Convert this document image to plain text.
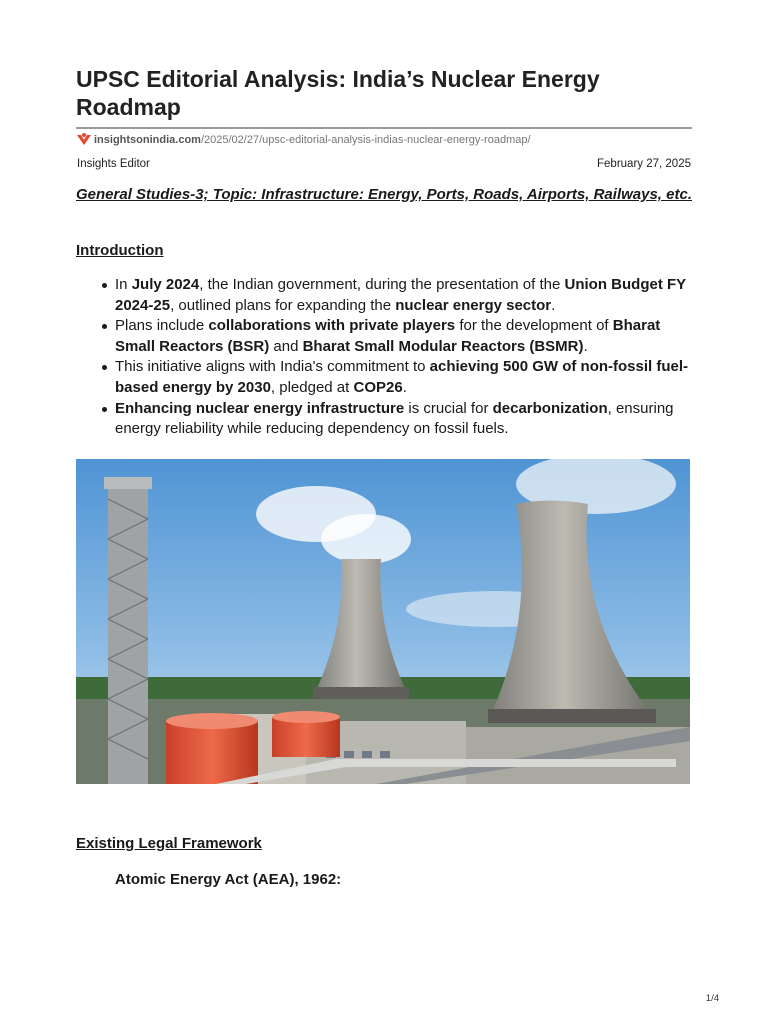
UPSC Editorial Analysis: India’s Nuclear Energy Roadmap
insightsonindia.com/2025/02/27/upsc-editorial-analysis-indias-nuclear-energy-roadmap/
Insights Editor	February 27, 2025

General Studies-3; Topic: Infrastructure: Energy, Ports, Roads, Airports, Railways, etc.

Introduction
In July 2024, the Indian government, during the presentation of the Union Budget FY 2024-25, outlined plans for expanding the nuclear energy sector.
Plans include collaborations with private players for the development of Bharat Small Reactors (BSR) and Bharat Small Modular Reactors (BSMR).
This initiative aligns with India's commitment to achieving 500 GW of non-fossil fuel-based energy by 2030, pledged at COP26.
Enhancing nuclear energy infrastructure is crucial for decarbonization, ensuring energy reliability while reducing dependency on fossil fuels.
Existing Legal Framework
Atomic Energy Act (AEA), 1962:
1/4
